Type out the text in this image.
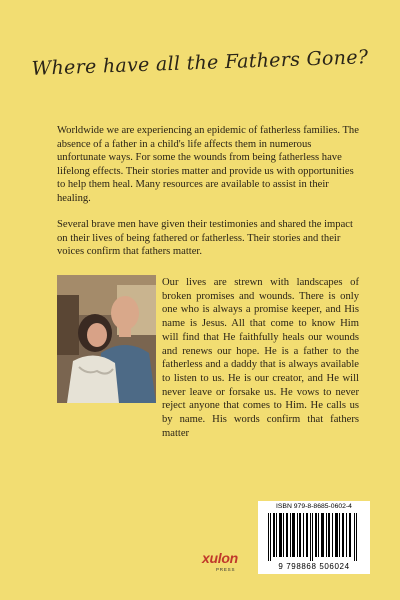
Where have all the Fathers Gone?

Worldwide we are experiencing an epidemic of fatherless families. The absence of a father in a child's life affects them in numerous unfortunate ways. For some the wounds from being fatherless have lifelong effects. Their stories matter and provide us with opportunities to help them heal. Many resources are available to assist in their healing.

Several brave men have given their testimonies and shared the impact on their lives of being fathered or fatherless. Their stories and their voices confirm that fathers matter.

Our lives are strewn with landscapes of broken promises and wounds. There is only one who is always a promise keeper, and His name is Jesus. All that come to know Him will find that He faithfully heals our wounds and renews our hope. He is a father to the fatherless and a daddy that is always available to listen to us. He is our creator, and He will never leave or forsake us. He vows to never reject anyone that comes to Him. He calls us by name. His words confirm that fathers matter

xulon
PRESS
ISBN 979-8-8685-0602-4
9 798868 506024
